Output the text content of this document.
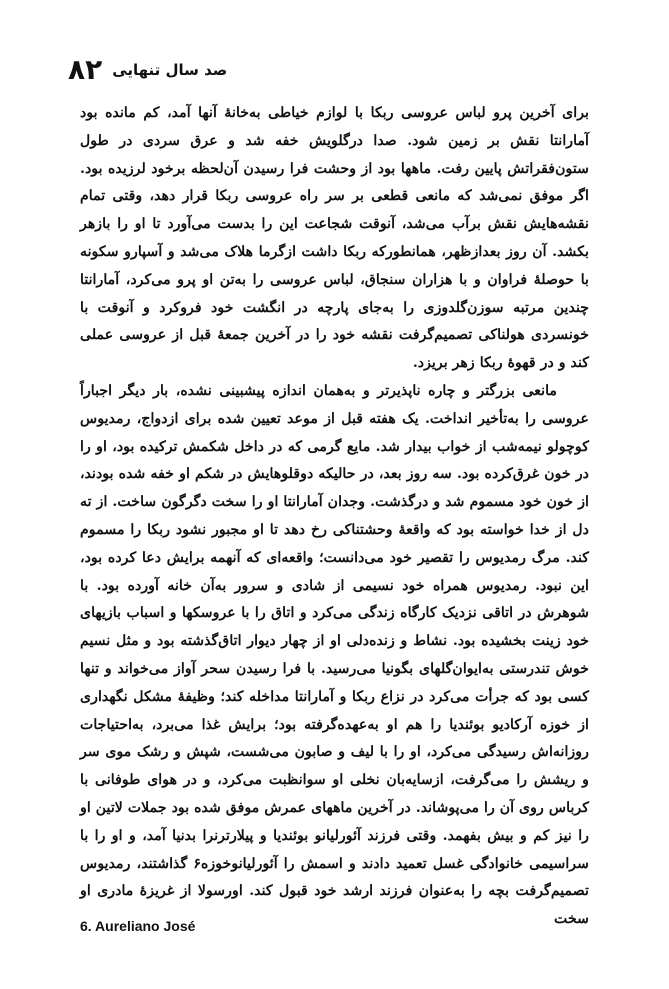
۸۲ صد سال تنهایی

برای آخرین پرو لباس عروسی ربکا با لوازم خیاطی به‌خانهٔ آنها آمد، کم مانده بود آمارانتا نقش بر زمین شود. صدا درگلویش خفه شد و عرق سردی در طول ستون‌فقراتش پایین رفت. ماهها بود از وحشت فرا رسیدن آن‌لحظه برخود لرزیده بود. اگر موفق نمی‌شد که مانعی قطعی بر سر راه عروسی ربکا قرار دهد، وقتی تمام نقشه‌هایش نقش برآب می‌شد، آنوقت شجاعت این را بدست می‌آورد تا او را بازهر بکشد. آن روز بعدازظهر، همانطورکه ربکا داشت ازگرما هلاک می‌شد و آسپارو سکونه با حوصلهٔ فراوان و با هزاران سنجاق، لباس عروسی را به‌تن او پرو می‌کرد، آمارانتا چندین مرتبه سوزن‌گلدوزی را به‌جای پارچه در انگشت خود فروکرد و آنوقت با خونسردی هولناکی تصمیم‌گرفت نقشه خود را در آخرین جمعهٔ قبل از عروسی عملی کند و در قهوهٔ ربکا زهر بریزد.

مانعی بزرگتر و چاره ناپذیرتر و به‌همان اندازه پیشبینی نشده، بار دیگر اجباراً عروسی را به‌تأخیر انداخت. یک هفته قبل از موعد تعیین شده برای ازدواج، رمدیوس کوچولو نیمه‌شب از خواب بیدار شد. مایع گرمی که در داخل شکمش ترکیده بود، او را در خون غرق‌کرده بود. سه روز بعد، در حالیکه دوقلوهایش در شکم او خفه شده بودند، از خون خود مسموم شد و درگذشت. وجدان آمارانتا او را سخت دگرگون ساخت. از ته دل از خدا خواسته بود که واقعهٔ وحشتناکی رخ دهد تا او مجبور نشود ربکا را مسموم کند. مرگ رمدیوس را تقصیر خود می‌دانست؛ واقعه‌ای که آنهمه برایش دعا کرده بود، این نبود. رمدیوس همراه خود نسیمی از شادی و سرور به‌آن خانه آورده بود. با شوهرش در اتاقی نزدیک کارگاه زندگی می‌کرد و اتاق را با عروسکها و اسباب بازیهای خود زینت بخشیده بود. نشاط و زنده‌دلی او از چهار دیوار اتاق‌گذشته بود و مثل نسیم خوش تندرستی به‌ایوان‌گلهای بگونیا می‌رسید. با فرا رسیدن سحر آواز می‌خواند و تنها کسی بود که جرأت می‌کرد در نزاع ربکا و آمارانتا مداخله کند؛ وظیفهٔ مشکل نگهداری از خوزه آرکادیو بوئندیا را هم او به‌عهده‌گرفته بود؛ برایش غذا می‌برد، به‌احتیاجات روزانه‌اش رسیدگی می‌کرد، او را با لیف و صابون می‌شست، شپش و رشک موی سر و ریشش را می‌گرفت، ازسایه‌بان نخلی او سوانظبت می‌کرد، و در هوای طوفانی با کرباس روی آن را می‌پوشاند. در آخرین ماههای عمرش موفق شده بود جملات لاتین او را نیز کم و بیش بفهمد. وقتی فرزند آئورلیانو بوئندیا و پیلارترنرا بدنیا آمد، و او را با سراسیمی خانوادگی غسل تعمید دادند و اسمش را آئورلیانوخوزه۶ گذاشتند، رمدیوس تصمیم‌گرفت بچه را به‌عنوان فرزند ارشد خود قبول کند. اورسولا از غریزهٔ مادری او سخت

6. Aureliano José
